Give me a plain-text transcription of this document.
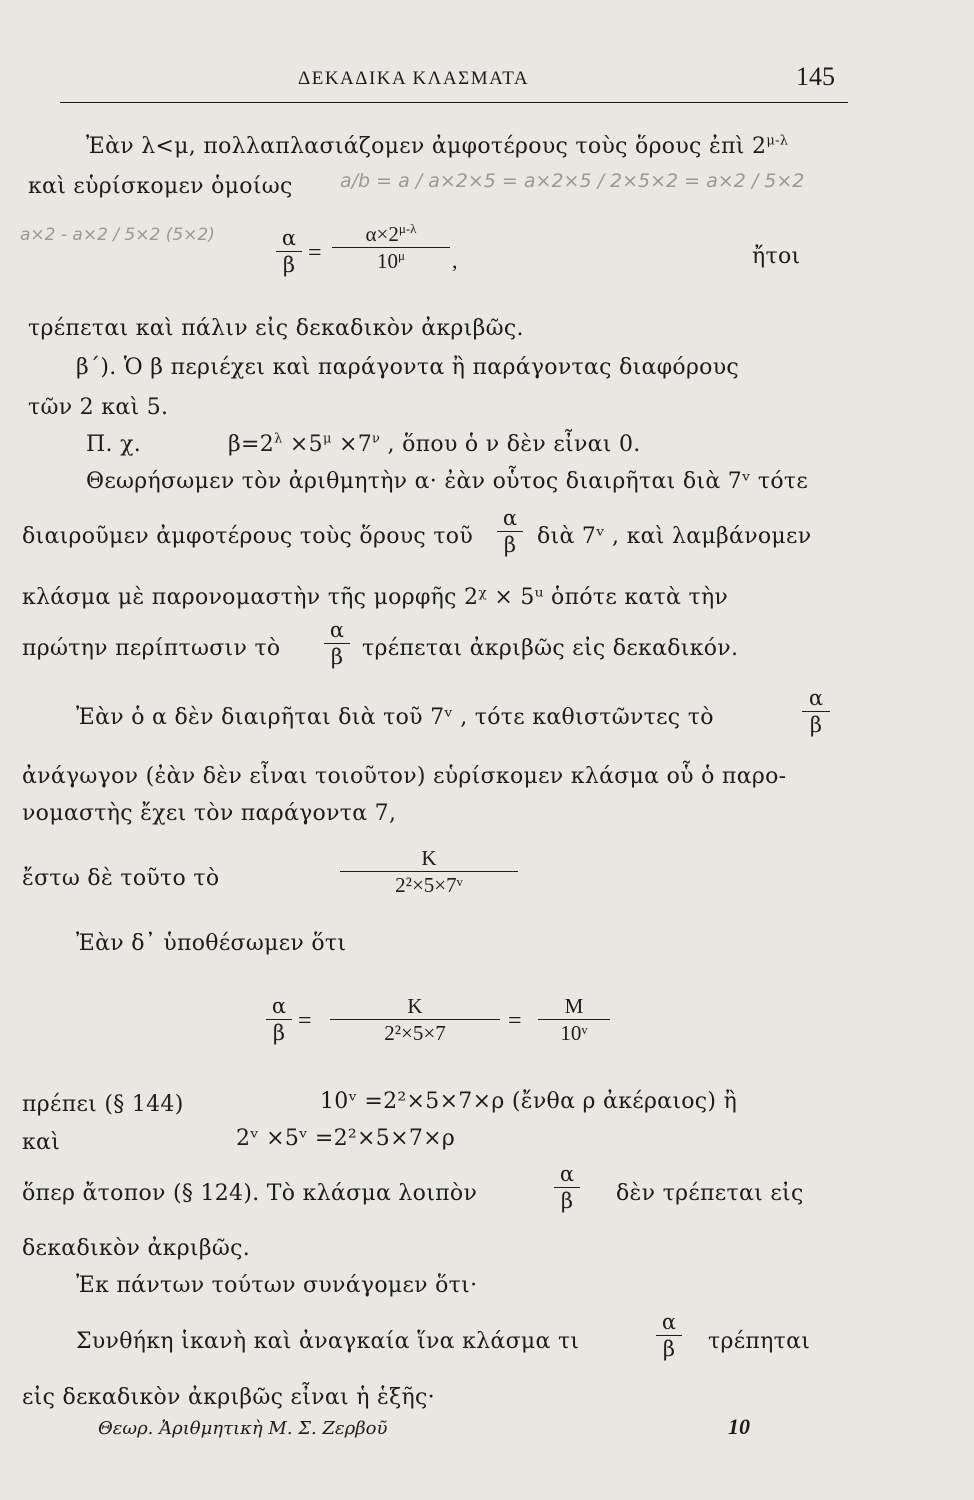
ΔΕΚΑΔΙΚΑ ΚΛΑΣΜΑΤΑ	145
a/b = a / a×2×5 = a×2×5 / 2×5×2 = a×2 / 5×2
a×2 - a×2 / 5×2 (5×2)
Ἐὰν λ<μ, πολλαπλασιάζομεν ἀμφοτέρους τοὺς ὅρους ἐπὶ $2^{\mu-\lambda}$
καὶ εὑρίσκομεν ὁμοίως
α
β =
$\alpha\times 2^{\mu-\lambda}$
$10^\mu$	,	ἤτοι
τρέπεται καὶ πάλιν εἰς δεκαδικὸν ἀκριβῶς.
β΄). Ὁ β περιέχει καὶ παράγοντα ἢ παράγοντας διαφόρους
τῶν 2 καὶ 5.
Π. χ.	$\beta=2^\lambda \times 5^\mu \times 7^\nu$ , ὅπου ὁ ν δὲν εἶναι 0.
Θεωρήσωμεν τὸν ἀριθμητὴν α· ἐὰν οὗτος διαιρῆται διὰ 7ᵛ τότε
διαιροῦμεν ἀμφοτέρους τοὺς ὅρους τοῦ
α
β διὰ 7ᵛ , καὶ λαμβάνομεν
κλάσμα μὲ παρονομαστὴν τῆς μορφῆς 2ᵡ × 5ᵘ ὁπότε κατὰ τὴν
πρώτην περίπτωσιν τὸ
α
β τρέπεται ἀκριβῶς εἰς δεκαδικόν.
Ἐὰν ὁ α δὲν διαιρῆται διὰ τοῦ 7ᵛ , τότε καθιστῶντες τὸ
α
β
ἀνάγωγον (ἐὰν δὲν εἶναι τοιοῦτον) εὑρίσκομεν κλάσμα οὗ ὁ παρο-
νομαστὴς ἔχει τὸν παράγοντα 7,
ἔστω δὲ τοῦτο τὸ
Κ
2²×5×7ᵛ
Ἐὰν δ᾽ ὑποθέσωμεν ὅτι
α
β =
Κ
2²×5×7	=
Μ
10ᵛ
πρέπει (§ 144)	10ᵛ =2²×5×7×ρ (ἔνθα ρ ἀκέραιος) ἢ
καὶ	2ᵛ ×5ᵛ =2²×5×7×ρ
ὅπερ ἄτοπον (§ 124). Τὸ κλάσμα λοιπὸν
α
β	δὲν τρέπεται εἰς
δεκαδικὸν ἀκριβῶς.
Ἐκ πάντων τούτων συνάγομεν ὅτι·
Συνθήκη ἱκανὴ καὶ ἀναγκαία ἵνα κλάσμα τι
α
β	τρέπηται
εἰς δεκαδικὸν ἀκριβῶς εἶναι ἡ ἑξῆς·
Θεωρ. Ἀριθμητικὴ Μ. Σ. Ζερβοῦ	10
